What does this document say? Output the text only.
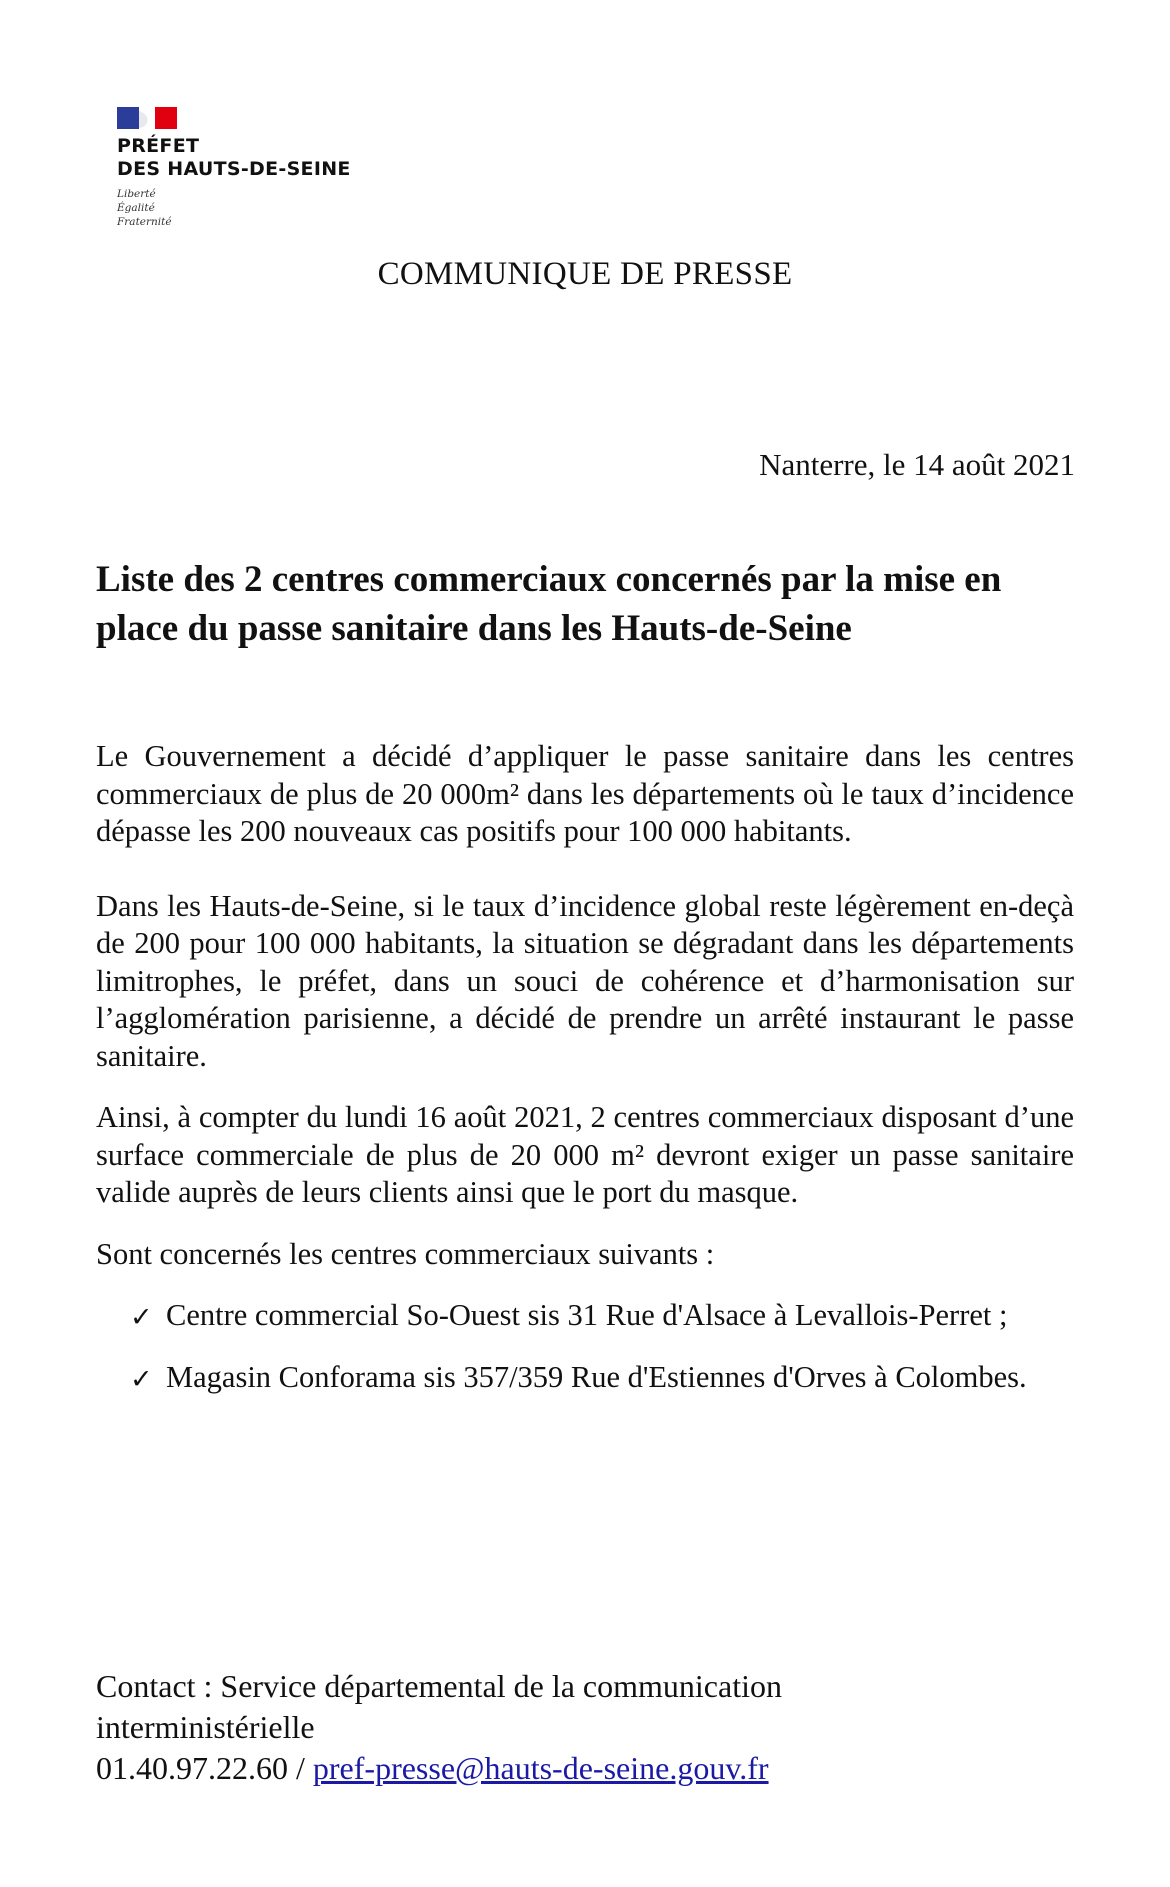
PRÉFET
DES HAUTS-DE-SEINE
Liberté
Égalité
Fraternité
COMMUNIQUE DE PRESSE
Nanterre, le 14 août 2021
Liste des 2 centres commerciaux concernés par la mise en place du passe sanitaire dans les Hauts-de-Seine

Le Gouvernement a décidé d’appliquer le passe sanitaire dans les centres commerciaux de plus de 20 000m² dans les départements où le taux d’incidence dépasse les 200 nouveaux cas positifs pour 100 000 habitants.

Dans les Hauts-de-Seine, si le taux d’incidence global reste légèrement en-deçà de 200 pour 100 000 habitants, la situation se dégradant dans les départements limitrophes, le préfet, dans un souci de cohérence et d’harmonisation sur l’agglomération parisienne, a décidé de prendre un arrêté instaurant le passe sanitaire.

Ainsi, à compter du lundi 16 août 2021, 2 centres commerciaux disposant d’une surface commerciale de plus de 20 000 m² devront exiger un passe sanitaire valide auprès de leurs clients ainsi que le port du masque.

Sont concernés les centres commerciaux suivants :

✓ Centre commercial So-Ouest sis 31 Rue d'Alsace à Levallois-Perret ;
✓ Magasin Conforama sis 357/359 Rue d'Estiennes d'Orves à Colombes.
Contact : Service départemental de la communication interministérielle
01.40.97.22.60 / pref-presse@hauts-de-seine.gouv.fr
